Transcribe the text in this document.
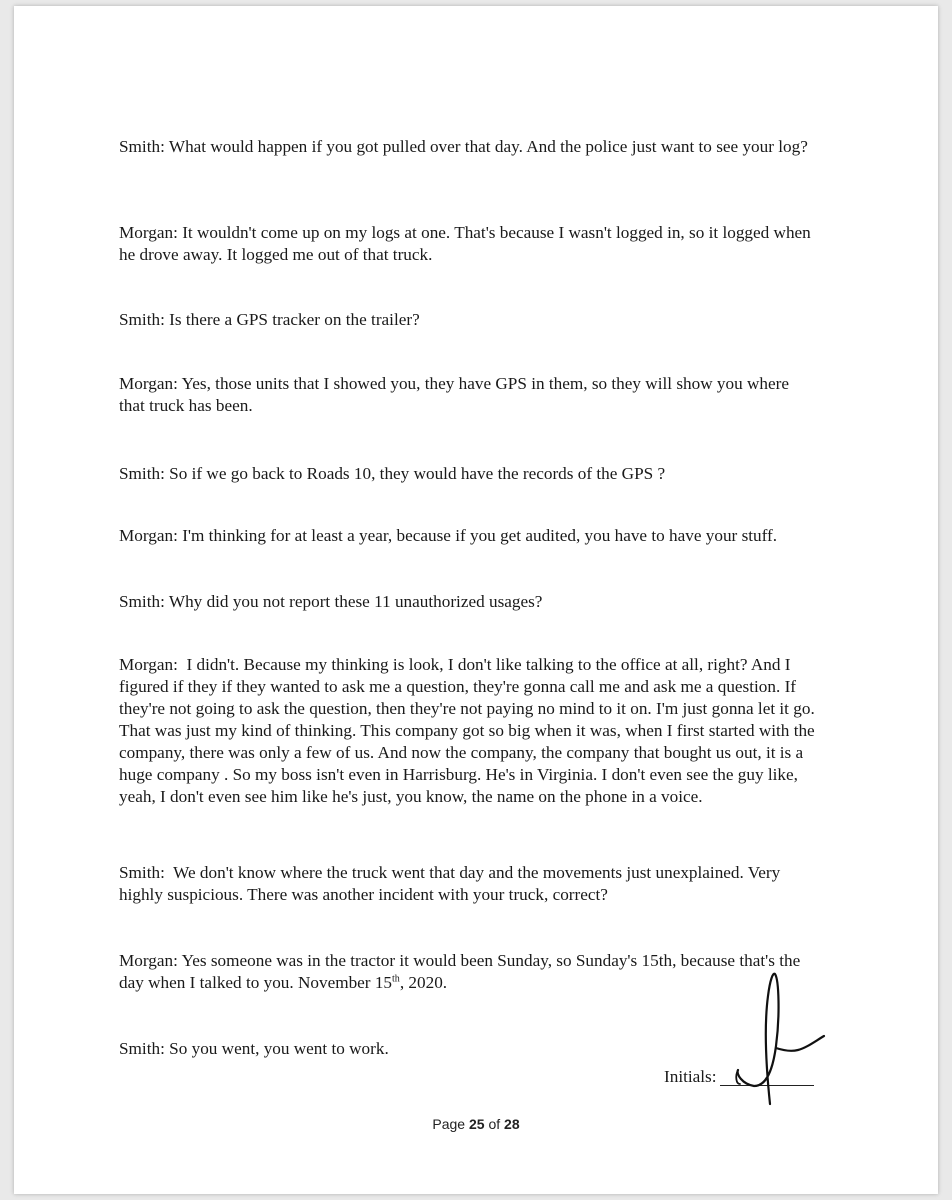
Smith: What would happen if you got pulled over that day. And the police just want to see your log?

Morgan: It wouldn't come up on my logs at one. That's because I wasn't logged in, so it logged when he drove away. It logged me out of that truck.

Smith: Is there a GPS tracker on the trailer?

Morgan: Yes, those units that I showed you, they have GPS in them, so they will show you where that truck has been.

Smith: So if we go back to Roads 10, they would have the records of the GPS ?

Morgan: I'm thinking for at least a year, because if you get audited, you have to have your stuff.

Smith: Why did you not report these 11 unauthorized usages?

Morgan:  I didn't. Because my thinking is look, I don't like talking to the office at all, right? And I figured if they if they wanted to ask me a question, they're gonna call me and ask me a question. If they're not going to ask the question, then they're not paying no mind to it on. I'm just gonna let it go. That was just my kind of thinking. This company got so big when it was, when I first started with the company, there was only a few of us. And now the company, the company that bought us out, it is a huge company . So my boss isn't even in Harrisburg. He's in Virginia. I don't even see the guy like, yeah, I don't even see him like he's just, you know, the name on the phone in a voice.

Smith:  We don't know where the truck went that day and the movements just unexplained. Very highly suspicious. There was another incident with your truck, correct?

Morgan: Yes someone was in the tractor it would been Sunday, so Sunday's 15th, because that's the day when I talked to you. November 15th, 2020.

Smith: So you went, you went to work.

Initials:
Page 25 of 28
